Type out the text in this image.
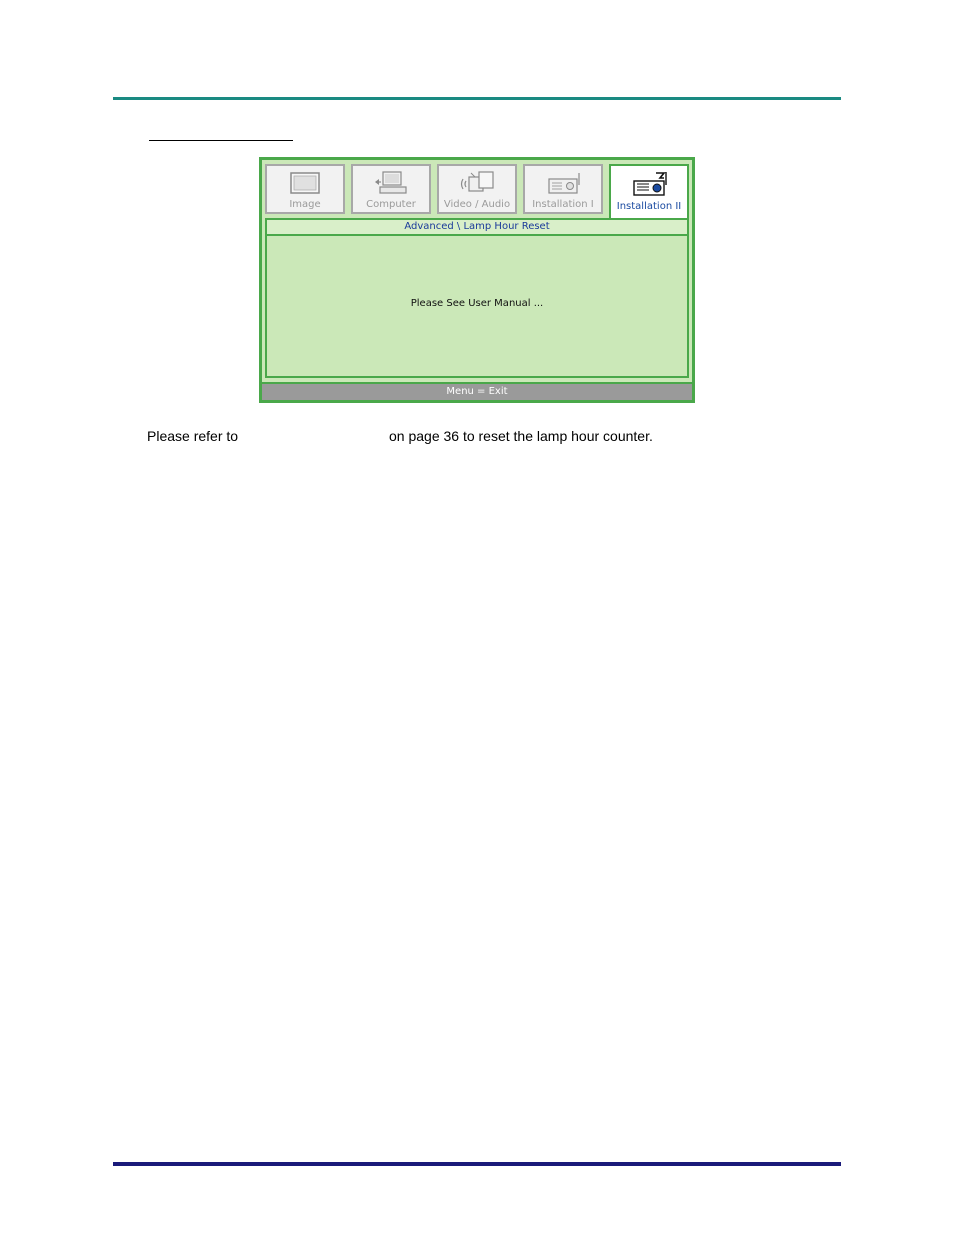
Image	Computer	Video / Audio	Installation I	Installation II
Advanced \ Lamp Hour Reset
Please See User Manual ...
Menu = Exit
Please refer to	on page 36 to reset the lamp hour counter.
